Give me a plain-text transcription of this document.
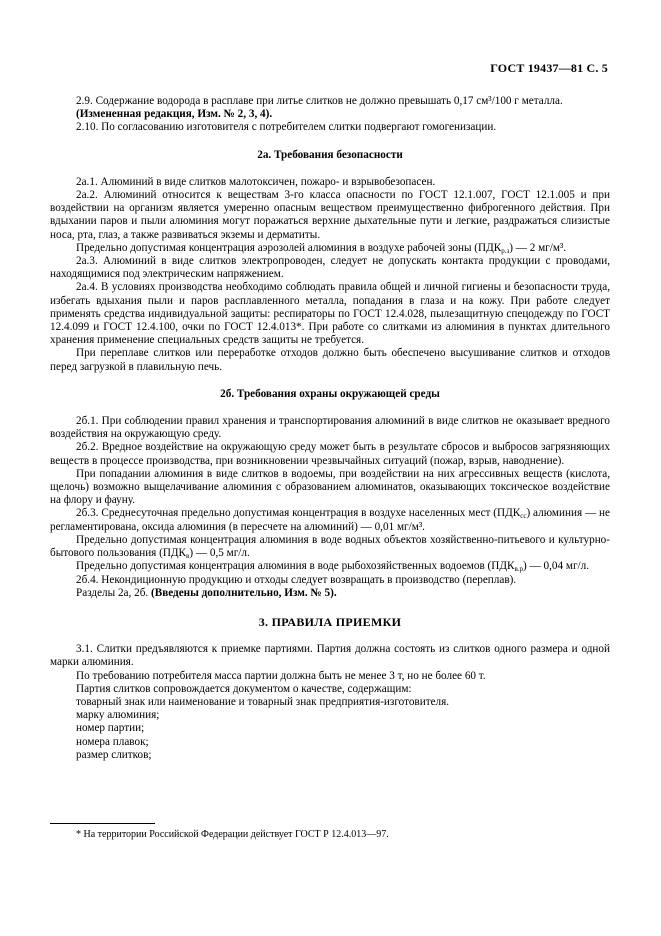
ГОСТ 19437—81 С. 5

2.9. Содержание водорода в расплаве при литье слитков не должно превышать 0,17 см³/100 г металла.

(Измененная редакция, Изм. № 2, 3, 4).

2.10. По согласованию изготовителя с потребителем слитки подвергают гомогенизации.

2а. Требования безопасности

2а.1. Алюминий в виде слитков малотоксичен, пожаро- и взрывобезопасен.

2а.2. Алюминий относится к веществам 3-го класса опасности по ГОСТ 12.1.007, ГОСТ 12.1.005 и при воздействии на организм является умеренно опасным веществом преимущественно фиброгенного действия. При вдыхании паров и пыли алюминия могут поражаться верхние дыхательные пути и легкие, раздражаться слизистые носа, рта, глаз, а также развиваться экземы и дерматиты.

Предельно допустимая концентрация аэрозолей алюминия в воздухе рабочей зоны $(ПДК_{р.з})$ — 2 мг/м³.

2а.3. Алюминий в виде слитков электропроводен, следует не допускать контакта продукции с проводами, находящимися под электрическим напряжением.

2а.4. В условиях производства необходимо соблюдать правила общей и личной гигиены и безопасности труда, избегать вдыхания пыли и паров расплавленного металла, попадания в глаза и на кожу. При работе следует применять средства индивидуальной защиты: респираторы по ГОСТ 12.4.028, пылезащитную спецодежду по ГОСТ 12.4.099 и ГОСТ 12.4.100, очки по ГОСТ 12.4.013*. При работе со слитками из алюминия в пунктах длительного хранения применение специальных средств защиты не требуется.

При переплаве слитков или переработке отходов должно быть обеспечено высушивание слитков и отходов перед загрузкой в плавильную печь.

2б. Требования охраны окружающей среды

2б.1. При соблюдении правил хранения и транспортирования алюминий в виде слитков не оказывает вредного воздействия на окружающую среду.

2б.2. Вредное воздействие на окружающую среду может быть в результате сбросов и выбросов загрязняющих веществ в процессе производства, при возникновении чрезвычайных ситуаций (пожар, взрыв, наводнение).

При попадании алюминия в виде слитков в водоемы, при воздействии на них агрессивных веществ (кислота, щелочь) возможно выщелачивание алюминия с образованием алюминатов, оказывающих токсическое воздействие на флору и фауну.

2б.3. Среднесуточная предельно допустимая концентрация в воздухе населенных мест $(ПДК_{сс})$ алюминия — не регламентирована, оксида алюминия (в пересчете на алюминий) — 0,01 мг/м³.

Предельно допустимая концентрация алюминия в воде водных объектов хозяйственно-питьевого и культурно-бытового пользования $(ПДК_в)$ — 0,5 мг/л.

Предельно допустимая концентрация алюминия в воде рыбохозяйственных водоемов $(ПДК_{в.р})$ — 0,04 мг/л.

2б.4. Некондиционную продукцию и отходы следует возвращать в производство (переплав).

Разделы 2а, 2б. (Введены дополнительно, Изм. № 5).

3. ПРАВИЛА ПРИЕМКИ

3.1. Слитки предъявляются к приемке партиями. Партия должна состоять из слитков одного размера и одной марки алюминия.

По требованию потребителя масса партии должна быть не менее 3 т, но не более 60 т.

Партия слитков сопровождается документом о качестве, содержащим:

товарный знак или наименование и товарный знак предприятия-изготовителя.

марку алюминия;

номер партии;

номера плавок;

размер слитков;

* На территории Российской Федерации действует ГОСТ Р 12.4.013—97.
